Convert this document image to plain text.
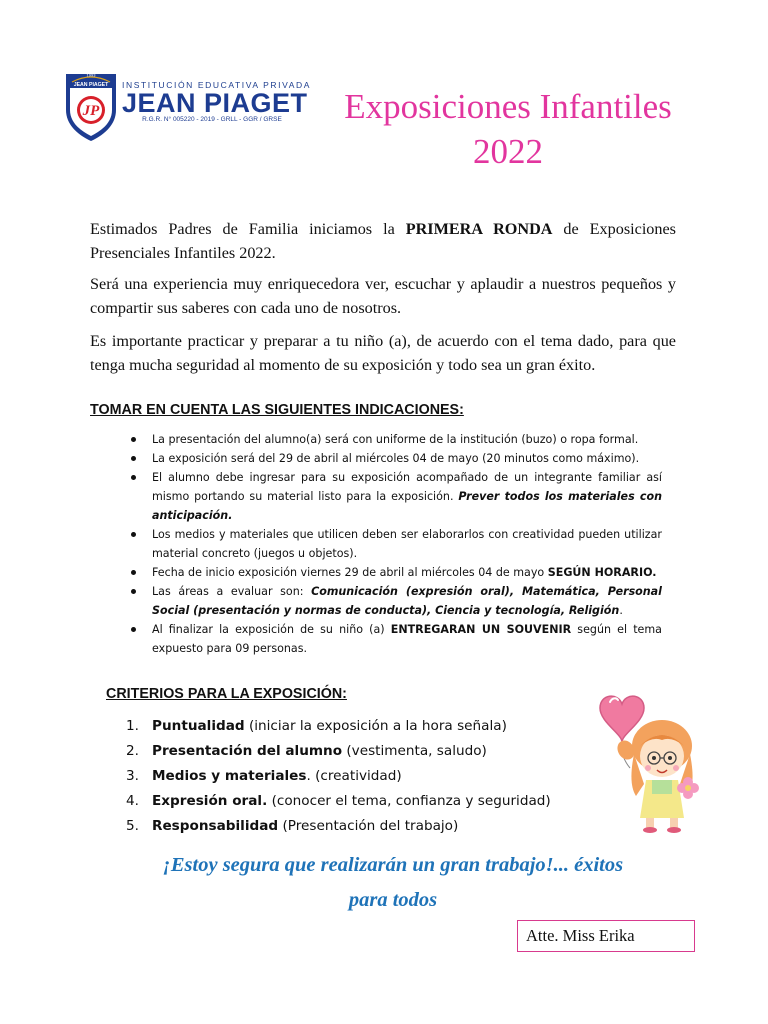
1993
JEAN PIAGET
JP
INSTITUCIÓN EDUCATIVA PRIVADA
JEAN PIAGET
R.G.R. N° 005220 - 2019 - GRLL - GGR / GRSE	Exposiciones Infantiles
2022

Estimados Padres de Familia iniciamos la PRIMERA RONDA de Exposiciones Presenciales Infantiles 2022.

Será una experiencia muy enriquecedora ver, escuchar y aplaudir a nuestros pequeños y compartir sus saberes con cada uno de nosotros.

Es importante practicar y preparar a tu niño (a), de acuerdo con el tema dado, para que tenga mucha seguridad al momento de su exposición y todo sea un gran éxito.

TOMAR EN CUENTA LAS SIGUIENTES INDICACIONES:
La presentación del alumno(a) será con uniforme de la institución (buzo) o ropa formal.
La exposición será del 29 de abril al miércoles 04 de mayo (20 minutos como máximo).
El alumno debe ingresar para su exposición acompañado de un integrante familiar así mismo portando su material listo para la exposición. Prever todos los materiales con anticipación.
Los medios y materiales que utilicen deben ser elaborarlos con creatividad pueden utilizar material concreto (juegos u objetos).
Fecha de inicio exposición viernes 29 de abril al miércoles 04 de mayo SEGÚN HORARIO.
Las áreas a evaluar son: Comunicación (expresión oral), Matemática, Personal Social (presentación y normas de conducta), Ciencia y tecnología, Religión.
Al finalizar la exposición de su niño (a) ENTREGARAN UN SOUVENIR según el tema expuesto para 09 personas.
CRITERIOS PARA LA EXPOSICIÓN:
1. Puntualidad (iniciar la exposición a la hora señala)
2. Presentación del alumno (vestimenta, saludo)
3. Medios y materiales. (creatividad)
4. Expresión oral. (conocer el tema, confianza y seguridad)
5. Responsabilidad (Presentación del trabajo)
¡Estoy segura que realizarán un gran trabajo!... éxitos
para todos
Atte. Miss Erika
